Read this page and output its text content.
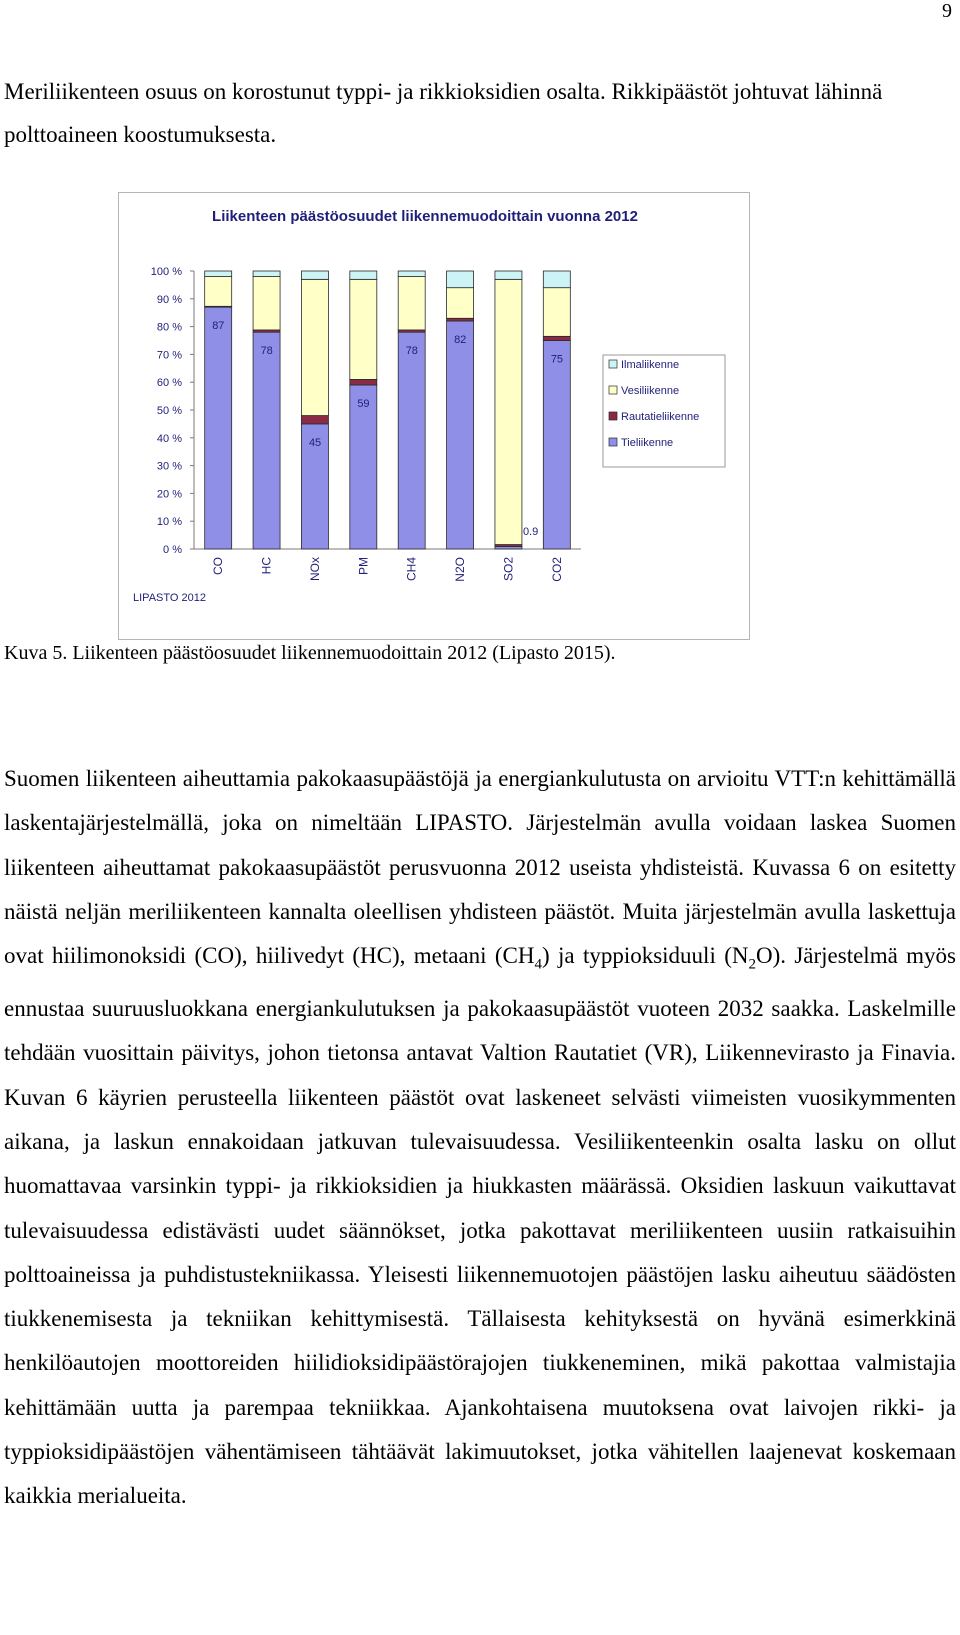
9

Meriliikenteen osuus on korostunut typpi- ja rikkioksidien osalta. Rikkipäästöt johtuvat lähinnä polttoaineen koostumuksesta.

Liikenteen päästöosuudet liikennemuodoittain vuonna 2012
LIPASTO 2012
0 %
10 %
20 %
30 %
40 %
50 %
60 %
70 %
80 %
90 %
100 %
CO
87
HC
78
NOx
45
PM
59
CH4
78
N2O
82
SO2
0.9
CO2
75	Ilmaliikenne
Vesiliikenne
Rautatieliikenne
Tieliikenne

Kuva 5. Liikenteen päästöosuudet liikennemuodoittain 2012 (Lipasto 2015).

Suomen liikenteen aiheuttamia pakokaasupäästöjä ja energiankulutusta on arvioitu VTT:n kehittämällä laskentajärjestelmällä, joka on nimeltään LIPASTO. Järjestelmän avulla voidaan laskea Suomen liikenteen aiheuttamat pakokaasupäästöt perusvuonna 2012 useista yhdisteistä. Kuvassa 6 on esitetty näistä neljän meriliikenteen kannalta oleellisen yhdisteen päästöt. Muita järjestelmän avulla laskettuja ovat hiilimonoksidi (CO), hiilivedyt (HC), metaani $(CH_4)$ ja typpioksiduuli $(N_2O)$. Järjestelmä myös ennustaa suuruusluokkana energiankulutuksen ja pakokaasupäästöt vuoteen 2032 saakka. Laskelmille tehdään vuosittain päivitys, johon tietonsa antavat Valtion Rautatiet (VR), Liikennevirasto ja Finavia. Kuvan 6 käyrien perusteella liikenteen päästöt ovat laskeneet selvästi viimeisten vuosikymmenten aikana, ja laskun ennakoidaan jatkuvan tulevaisuudessa. Vesiliikenteenkin osalta lasku on ollut huomattavaa varsinkin typpi- ja rikkioksidien ja hiukkasten määrässä. Oksidien laskuun vaikuttavat tulevaisuudessa edistävästi uudet säännökset, jotka pakottavat meriliikenteen uusiin ratkaisuihin polttoaineissa ja puhdistustekniikassa. Yleisesti liikennemuotojen päästöjen lasku aiheutuu säädösten tiukkenemisesta ja tekniikan kehittymisestä. Tällaisesta kehityksestä on hyvänä esimerkkinä henkilöautojen moottoreiden hiilidioksidipäästörajojen tiukkeneminen, mikä pakottaa valmistajia kehittämään uutta ja parempaa tekniikkaa. Ajankohtaisena muutoksena ovat laivojen rikki- ja typpioksidipäästöjen vähentämiseen tähtäävät lakimuutokset, jotka vähitellen laajenevat koskemaan kaikkia merialueita.
